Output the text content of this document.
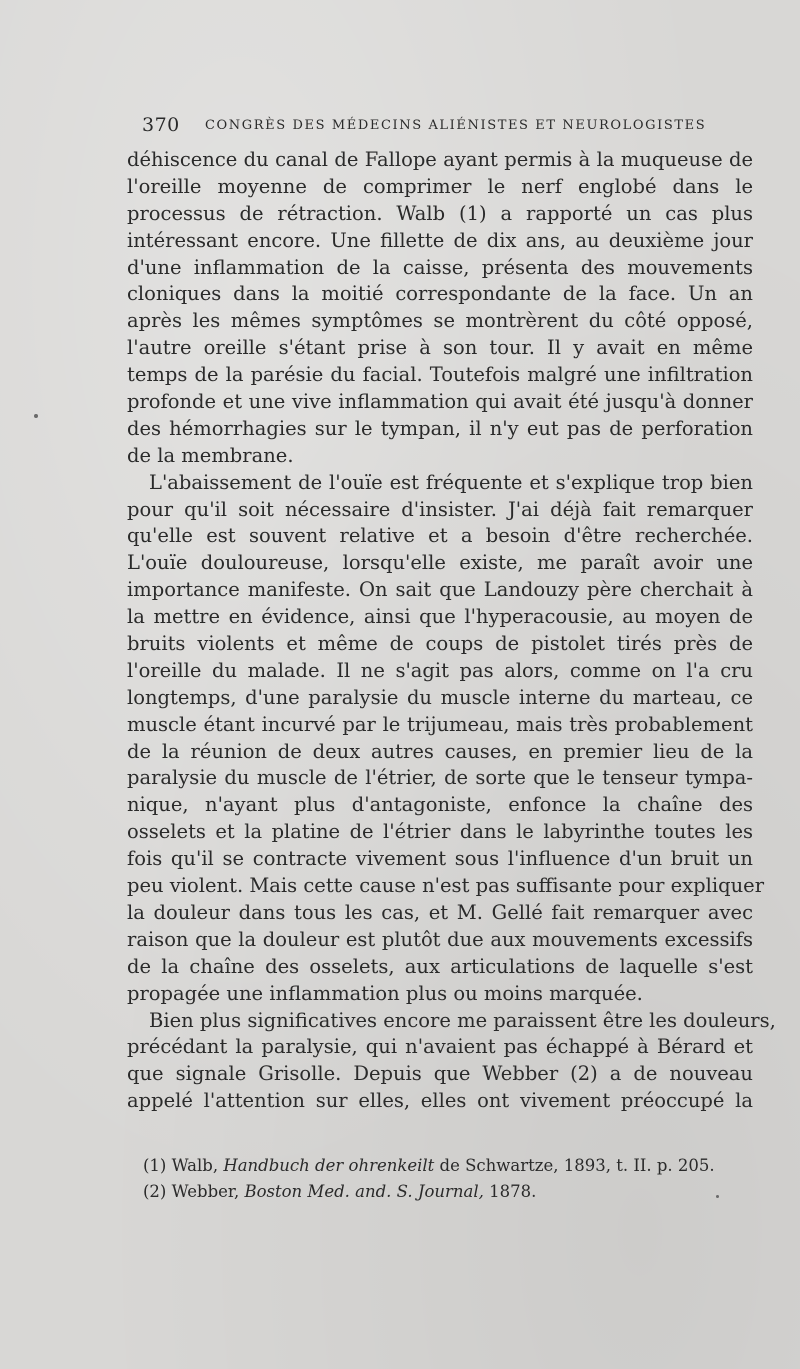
370 CONGRÈS DES MÉDECINS ALIÉNISTES ET NEUROLOGISTES
déhiscence du canal de Fallope ayant permis à la muqueuse de
l'oreille moyenne de comprimer le nerf englobé dans le
processus de rétraction. Walb (1) a rapporté un cas plus
intéressant encore. Une fillette de dix ans, au deuxième jour
d'une inflammation de la caisse, présenta des mouvements
cloniques dans la moitié correspondante de la face. Un an
après les mêmes symptômes se montrèrent du côté opposé,
l'autre oreille s'étant prise à son tour. Il y avait en même
temps de la parésie du facial. Toutefois malgré une infiltration
profonde et une vive inflammation qui avait été jusqu'à donner
des hémorrhagies sur le tympan, il n'y eut pas de perforation
de la membrane.
L'abaissement de l'ouïe est fréquente et s'explique trop bien
pour qu'il soit nécessaire d'insister. J'ai déjà fait remarquer
qu'elle est souvent relative et a besoin d'être recherchée.
L'ouïe douloureuse, lorsqu'elle existe, me paraît avoir une
importance manifeste. On sait que Landouzy père cherchait à
la mettre en évidence, ainsi que l'hyperacousie, au moyen de
bruits violents et même de coups de pistolet tirés près de
l'oreille du malade. Il ne s'agit pas alors, comme on l'a cru
longtemps, d'une paralysie du muscle interne du marteau, ce
muscle étant incurvé par le trijumeau, mais très probablement
de la réunion de deux autres causes, en premier lieu de la
paralysie du muscle de l'étrier, de sorte que le tenseur tympa-
nique, n'ayant plus d'antagoniste, enfonce la chaîne des
osselets et la platine de l'étrier dans le labyrinthe toutes les
fois qu'il se contracte vivement sous l'influence d'un bruit un
peu violent. Mais cette cause n'est pas suffisante pour expliquer
la douleur dans tous les cas, et M. Gellé fait remarquer avec
raison que la douleur est plutôt due aux mouvements excessifs
de la chaîne des osselets, aux articulations de laquelle s'est
propagée une inflammation plus ou moins marquée.
Bien plus significatives encore me paraissent être les douleurs,
précédant la paralysie, qui n'avaient pas échappé à Bérard et
que signale Grisolle. Depuis que Webber (2) a de nouveau
appelé l'attention sur elles, elles ont vivement préoccupé la
(1) Walb, Handbuch der ohrenkeilt de Schwartze, 1893, t. II. p. 205.
(2) Webber, Boston Med. and. S. Journal, 1878.
